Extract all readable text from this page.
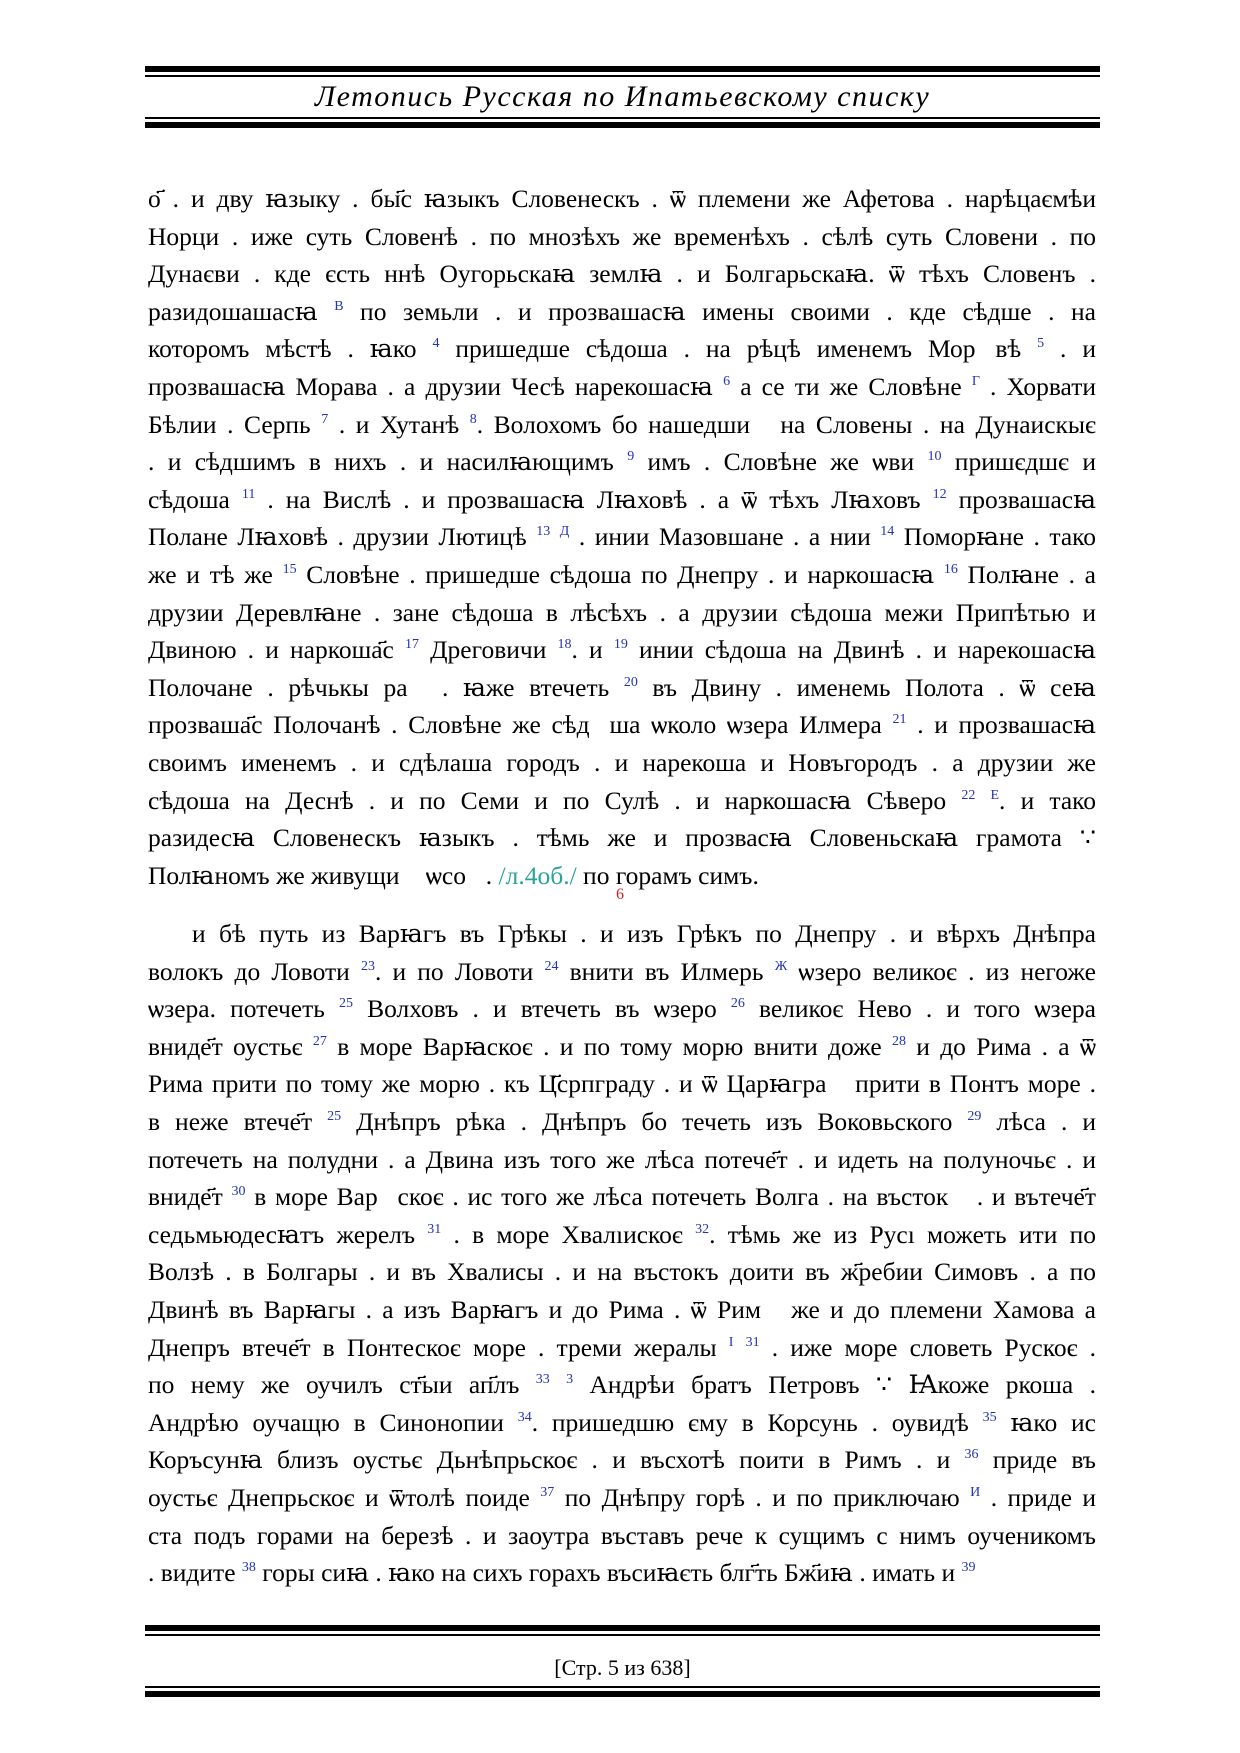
Летопись Русская по Ипатьевскому списку
о҃ . и дву ꙗзыку . бы҃с ꙗзыкъ Словенескъ . ѿ племени же Афетова . нарѣцаємѣи
Норци . иже суть Словенѣ . по мнозѣхъ же временѣхъ . сѣлѣ суть Словени . по
Дунаєви . кде єсть ннѣ Оугорьскаꙗ землꙗ . и Болгарьскаꙗ. ѿ тѣхъ Словенъ .
разидошашасꙗ $^В$ по земьли . и прозвашасꙗ имены своими . кде сѣдше . на
которомъ мѣстѣ . ꙗко $^4$ пришедше сѣдоша . на рѣцѣ именемъ Морⷡвѣ $^5$ . и
прозвашасꙗ Морава . а друзии Чесѣ нарекошасꙗ $^6$ а се ти же Словѣне $^Г$ . Хорвати
Бѣлии . Серпь $^7$ . и Хутанѣ $^8$. Волохомъ бо нашедшиⷨ на Словены . на Дунаискыє
. и сѣдшимъ в нихъ . и насилꙗющимъ $^9$ имъ . Словѣне же ѡви $^{10}$ пришєдшє и
сѣдоша $^{11}$ . на Вислѣ . и прозвашасꙗ Лꙗховѣ . а ѿ тѣхъ Лꙗховъ $^{12}$ прозвашасꙗ
Полане Лꙗховѣ . друзии Лютицѣ $^{13}$ $^Д$ . инии Мазовшане . а нии $^{14}$ Поморꙗне . тако
же и тѣ же $^{15}$ Словѣне . пришедше сѣдоша по Днепру . и наркошасꙗ $^{16}$ Полꙗне . а
друзии Деревлꙗне . зане сѣдоша в лѣсѣхъ . а друзии сѣдоша межи Припѣтью и
Двиною . и наркоша҃с $^{17}$ Дреговичи $^{18}$. и $^{19}$ инии сѣдоша на Двинѣ . и нарекошасꙗ
Полочане . рѣчькы раⷣ . ꙗже втечеть $^{20}$ въ Двину . именемь Полота . ѿ сеꙗ
прозваша҃с Полочанѣ . Словѣне же сѣдⷪша ѡколо ѡзера Илмера $^{21}$ . и прозвашасꙗ
своимъ именемъ . и сдѣлаша городъ . и нарекоша и Новъгородъ . а друзии же
сѣдоша на Деснѣ . и по Семи и по Сулѣ . и наркошасꙗ Сѣверо $^{22}$ $^Е$. и тако
разидесꙗ Словенескъ ꙗзыкъ . тѣмь же и прозвасꙗ Словеньскаꙗ грамота ∵
Полꙗномъ же живущиⷨ ѡсоⷠ. /л.4об./ по горамъ симъ.
6
и бѣ путь из Варꙗгъ въ Грѣкы . и изъ Грѣкъ по Днепру . и вѣрхъ Днѣпра
волокъ до Ловоти $^{23}$. и по Ловоти $^{24}$ внити въ Илмерь $^Ж$ ѡзеро великоє . из негоже
ѡзера. потечеть $^{25}$ Волховъ . и втечеть въ ѡзеро $^{26}$ великоє Нево . и того ѡзера
вниде҃т оустьє $^{27}$ в море Варꙗскоє . и по тому морю внити доже $^{28}$ и до Рима . а ѿ
Рима прити по тому же морю . къ Ц҃српграду . и ѿ Царꙗграⷣ прити в Понтъ море .
в неже втече҃т $^{25}$ Днѣпръ рѣка . Днѣпръ бо течеть изъ Воковьского $^{29}$ лѣса . и
потечеть на полудни . а Двина изъ того же лѣса потече҃т . и идеть на полуночьє . и
вниде҃т $^{30}$ в море Варⷽскоє . ис того же лѣса потечеть Волга . на въстокⷪ . и вътече҃т
седьмьюдесꙗтъ жерелъ $^{31}$ . в море Хвалıискоє $^{32}$. тѣмь же из Русı можеть ити по
Волзѣ . в Болгары . и въ Хвалисы . и на въстокъ доити въ ж҃ребии Симовъ . а по
Двинѣ въ Варꙗгы . а изъ Варꙗгъ и до Рима . ѿ Римⷶ же и до племени Хамова а
Днепръ втече҃т в Понтескоє море . треми жералы $^І$ $^{31}$ . иже море словеть Рускоє .
по нему же оучилъ ст҃ыи ап҃лъ $^{33}$ $^3$ Андрѣи братъ Петровъ ∵ Ꙗкоже ркоша .
Андрѣю оучащю в Синонопии $^{34}$. пришедшю єму в Корсунь . оувидѣ $^{35}$ ꙗко ис
Коръсунꙗ близъ оустьє Дьнѣпрьскоє . и въсхотѣ поити в Римъ . и $^{36}$ приде въ
оустьє Днепрьскоє и ѿтолѣ поиде $^{37}$ по Днѣпру горѣ . и по приключаю $^И$ . приде и
ста подъ горами на березѣ . и заоутра въставъ рече к сущимъ с нимъ оученикомъ
. видите $^{38}$ горы сиꙗ . ꙗко на сихъ горахъ въсиꙗєть блг҃ть Бж҃иꙗ . имать и $^{39}$
[Стр. 5 из 638]
